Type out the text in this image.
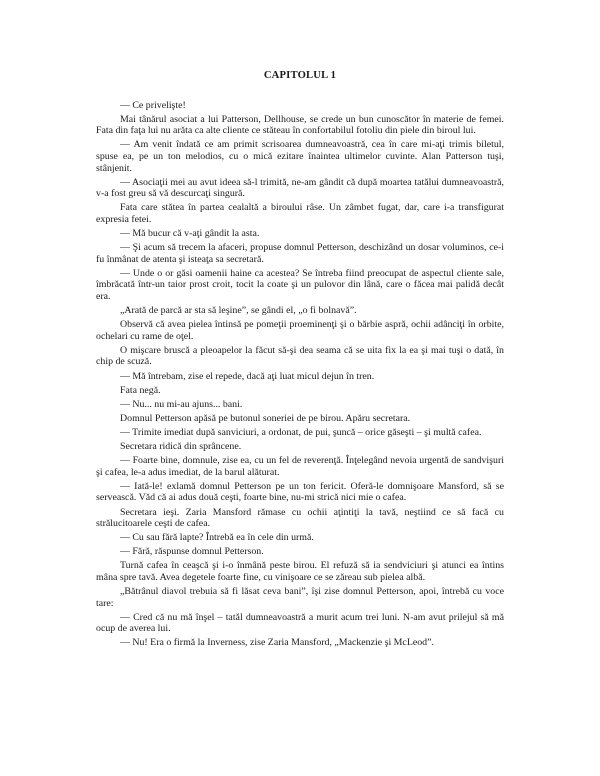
CAPITOLUL 1

— Ce privelişte!

Mai tânărul asociat a lui Patterson, Dellhouse, se crede un bun cunoscător în materie de femei. Fata din faţa lui nu arăta ca alte cliente ce stăteau în confortabilul fotoliu din piele din biroul lui.

— Am venit îndată ce am primit scrisoarea dumneavoastră, cea în care mi-aţi trimis biletul, spuse ea, pe un ton melodios, cu o mică ezitare înaintea ultimelor cuvinte. Alan Patterson tuşi, stânjenit.

— Asociaţii mei au avut ideea să-l trimită, ne-am gândit că după moartea tatălui dumneavoastră, v-a fost greu să vă descurcaţi singură.

Fata care stătea în partea cealaltă a biroului râse. Un zâmbet fugat, dar, care i-a transfigurat expresia fetei.

— Mă bucur că v-aţi gândit la asta.

— Şi acum să trecem la afaceri, propuse domnul Petterson, deschizând un dosar voluminos, ce-i fu înmânat de atenta şi isteaţa sa secretară.

— Unde o or găsi oamenii haine ca acestea? Se întreba fiind preocupat de aspectul cliente sale, îmbrăcată într-un taior prost croit, tocit la coate şi un pulovor din lână, care o făcea mai palidă decât era.

„Arată de parcă ar sta să leşine”, se gândi el, „o fi bolnavă”.

Observă că avea pielea întinsă pe pomeţii proeminenţi şi o bărbie aspră, ochii adânciţi în orbite, ochelari cu rame de oţel.

O mişcare bruscă a pleoapelor la făcut să-şi dea seama că se uita fix la ea şi mai tuşi o dată, în chip de scuză.

— Mă întrebam, zise el repede, dacă aţi luat micul dejun în tren.

Fata negă.

— Nu... nu mi-au ajuns... bani.

Domnul Petterson apăsă pe butonul soneriei de pe birou. Apăru secretara.

— Trimite imediat după sanviciuri, a ordonat, de pui, şuncă – orice găseşti – şi multă cafea.

Secretara ridică din sprâncene.

— Foarte bine, domnule, zise ea, cu un fel de reverenţă. Înţelegând nevoia urgentă de sandvişuri şi cafea, le-a adus imediat, de la barul alăturat.

— Iată-le! exlamă domnul Petterson pe un ton fericit. Oferă-le domnişoare Mansford, să se servească. Văd că ai adus două ceşti, foarte bine, nu-mi strică nici mie o cafea.

Secretara ieşi. Zaria Mansford rămase cu ochii aţintiţi la tavă, neştiind ce să facă cu strălucitoarele ceşti de cafea.

— Cu sau fără lapte? Întrebă ea în cele din urmă.

— Fără, răspunse domnul Petterson.

Turnă cafea în ceaşcă şi i-o înmână peste birou. El refuză să ia sendviciuri şi atunci ea întins mâna spre tavă. Avea degetele foarte fine, cu vinişoare ce se zăreau sub pielea albă.

„Bătrânul diavol trebuia să fi lăsat ceva bani”, îşi zise domnul Petterson, apoi, întrebă cu voce tare:

— Cred că nu mă înşel – tatăl dumneavoastră a murit acum trei luni. N-am avut prilejul să mă ocup de averea lui.

— Nu! Era o firmă la Inverness, zise Zaria Mansford, „Mackenzie şi McLeod”.
